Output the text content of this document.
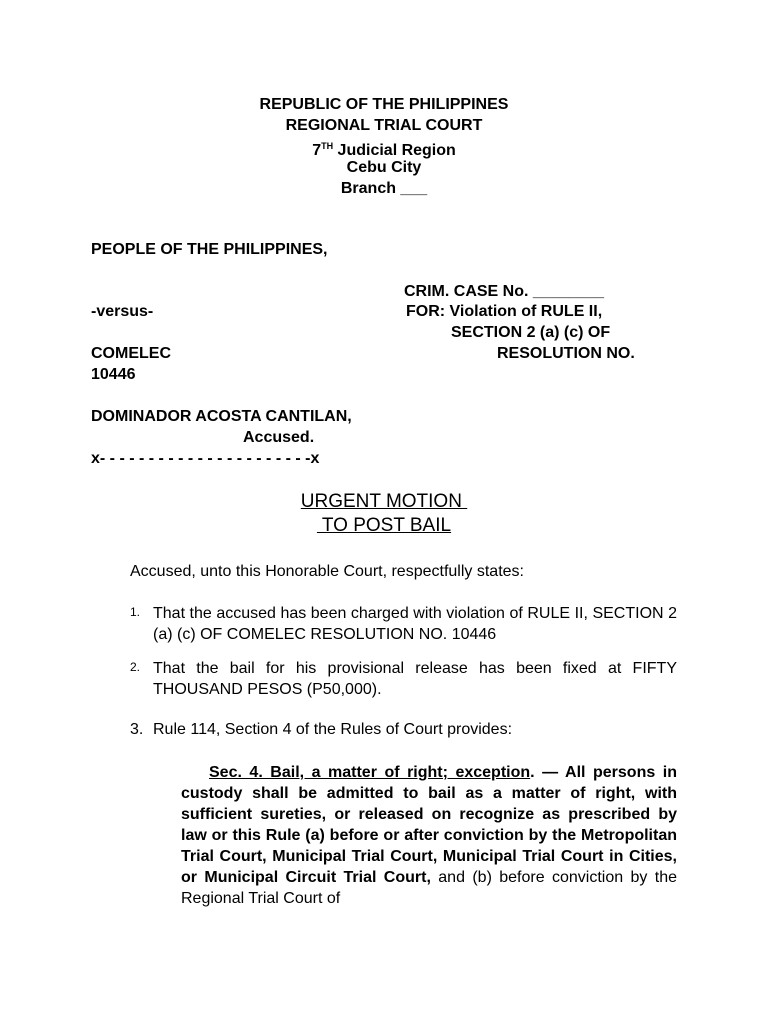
REPUBLIC OF THE PHILIPPINES
REGIONAL TRIAL COURT
7TH Judicial Region
Cebu City
Branch ___
PEOPLE OF THE PHILIPPINES,
CRIM. CASE No. ________
-versus-	FOR: Violation of RULE II,
SECTION 2 (a) (c) OF
COMELEC	RESOLUTION NO.
10446
DOMINADOR ACOSTA CANTILAN,
Accused.
x- - - - - - - - - - - - - - - - - - - - - -x
URGENT MOTION
TO POST BAIL
Accused, unto this Honorable Court, respectfully states:
1. That the accused has been charged with violation of RULE II, SECTION 2 (a) (c) OF COMELEC RESOLUTION NO. 10446
2. That the bail for his provisional release has been fixed at FIFTY THOUSAND PESOS (P50,000).
3. Rule 114, Section 4 of the Rules of Court provides:
Sec. 4. Bail, a matter of right; exception. — All persons in custody shall be admitted to bail as a matter of right, with sufficient sureties, or released on recognize as prescribed by law or this Rule (a) before or after conviction by the Metropolitan Trial Court, Municipal Trial Court, Municipal Trial Court in Cities, or Municipal Circuit Trial Court, and (b) before conviction by the Regional Trial Court of
